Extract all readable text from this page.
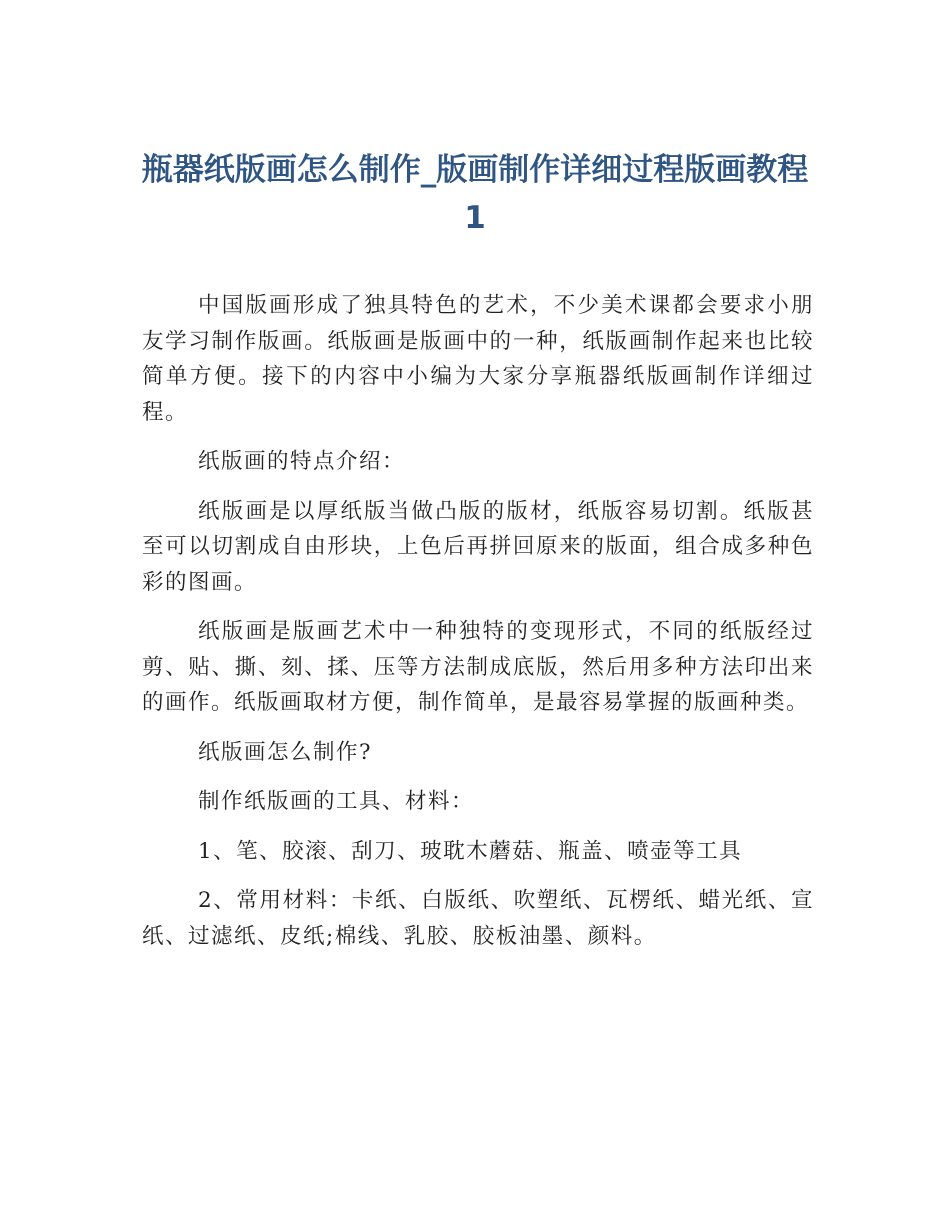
瓶器纸版画怎么制作_版画制作详细过程版画教程 1

中国版画形成了独具特色的艺术，不少美术课都会要求小朋友学习制作版画。纸版画是版画中的一种，纸版画制作起来也比较简单方便。接下的内容中小编为大家分享瓶器纸版画制作详细过程。

纸版画的特点介绍：

纸版画是以厚纸版当做凸版的版材，纸版容易切割。纸版甚至可以切割成自由形块，上色后再拼回原来的版面，组合成多种色彩的图画。

纸版画是版画艺术中一种独特的变现形式，不同的纸版经过剪、贴、撕、刻、揉、压等方法制成底版，然后用多种方法印出来的画作。纸版画取材方便，制作简单，是最容易掌握的版画种类。

纸版画怎么制作?

制作纸版画的工具、材料：

1、笔、胶滚、刮刀、玻耽木蘑菇、瓶盖、喷壶等工具

2、常用材料：卡纸、白版纸、吹塑纸、瓦楞纸、蜡光纸、宣纸、过滤纸、皮纸;棉线、乳胶、胶板油墨、颜料。
